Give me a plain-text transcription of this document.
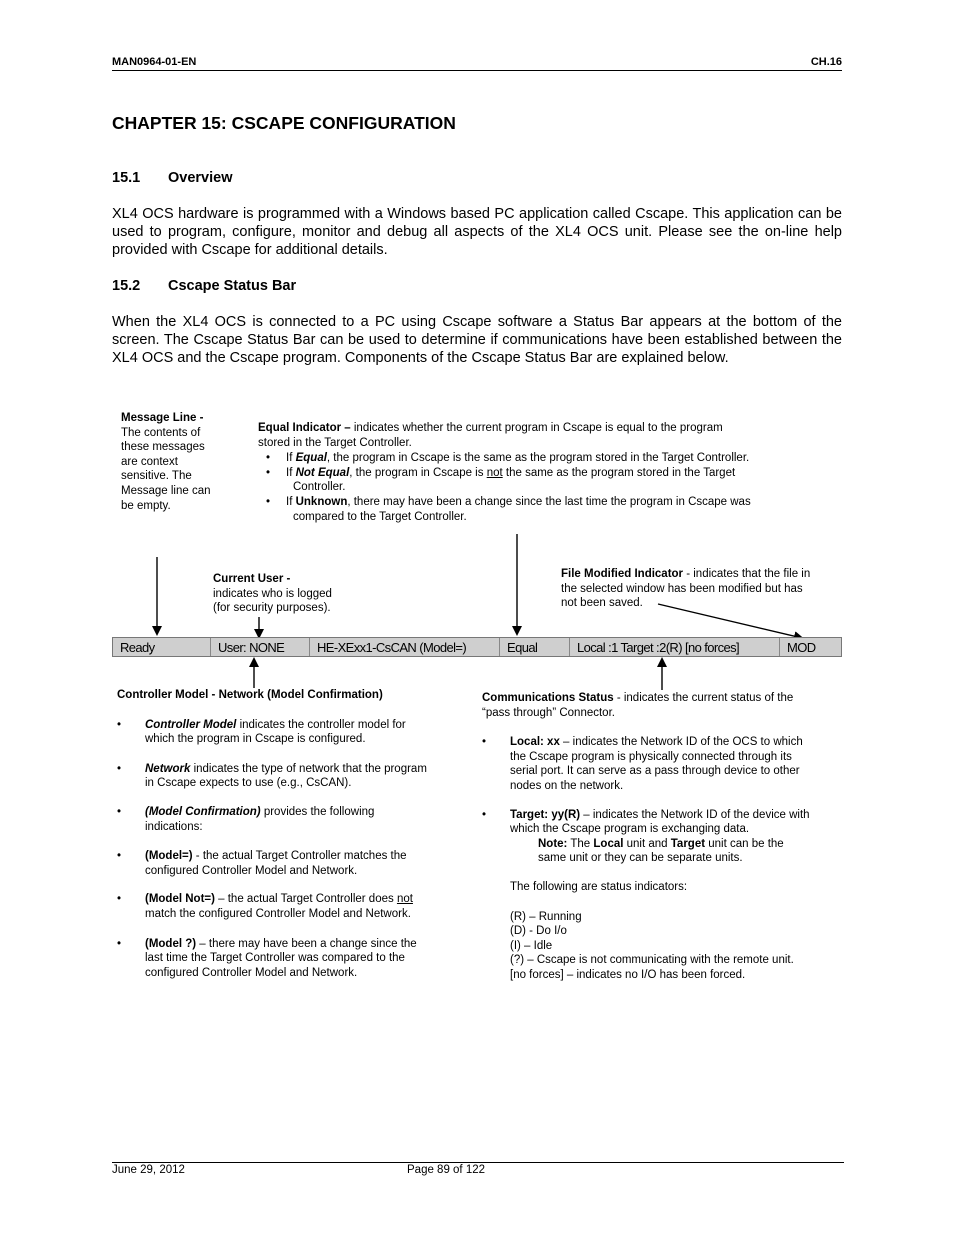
MAN0964-01-EN	CH.16
CHAPTER 15: CSCAPE CONFIGURATION
15.1 Overview
XL4 OCS hardware is programmed with a Windows based PC application called Cscape. This application can be used to program, configure, monitor and debug all aspects of the XL4 OCS unit. Please see the on-line help provided with Cscape for additional details.
15.2 Cscape Status Bar
When the XL4 OCS is connected to a PC using Cscape software a Status Bar appears at the bottom of the screen. The Cscape Status Bar can be used to determine if communications have been established between the XL4 OCS and the Cscape program. Components of the Cscape Status Bar are explained below.
Message Line -
The contents of
these messages
are context
sensitive. The
Message line can
be empty.
Equal Indicator – indicates whether the current program in Cscape is equal to the program
stored in the Target Controller.
• If Equal, the program in Cscape is the same as the program stored in the Target Controller.
• If Not Equal, the program in Cscape is not the same as the program stored in the Target
Controller.
• If Unknown, there may have been a change since the last time the program in Cscape was
compared to the Target Controller.
Current User -
indicates who is logged
(for security purposes).
File Modified Indicator - indicates that the file in
the selected window has been modified but has
not been saved.
Ready	User: NONE	HE-XExx1-CsCAN (Model=)	Equal	Local :1 Target :2(R) [no forces]	MOD
Controller Model - Network (Model Confirmation)
• Controller Model indicates the controller model for
which the program in Cscape is configured.
• Network indicates the type of network that the program
in Cscape expects to use (e.g., CsCAN).
• (Model Confirmation) provides the following
indications:
• (Model=) - the actual Target Controller matches the
configured Controller Model and Network.
• (Model Not=) – the actual Target Controller does not
match the configured Controller Model and Network.
• (Model ?) – there may have been a change since the
last time the Target Controller was compared to the
configured Controller Model and Network.
Communications Status - indicates the current status of the
“pass through” Connector.
• Local: xx – indicates the Network ID of the OCS to which
the Cscape program is physically connected through its
serial port. It can serve as a pass through device to other
nodes on the network.
• Target: yy(R) – indicates the Network ID of the device with
which the Cscape program is exchanging data.
Note: The Local unit and Target unit can be the
same unit or they can be separate units.
The following are status indicators:
(R) – Running
(D) - Do I/o
(I) – Idle
(?) – Cscape is not communicating with the remote unit.
[no forces] – indicates no I/O has been forced.
June 29, 2012	Page 89 of 122
